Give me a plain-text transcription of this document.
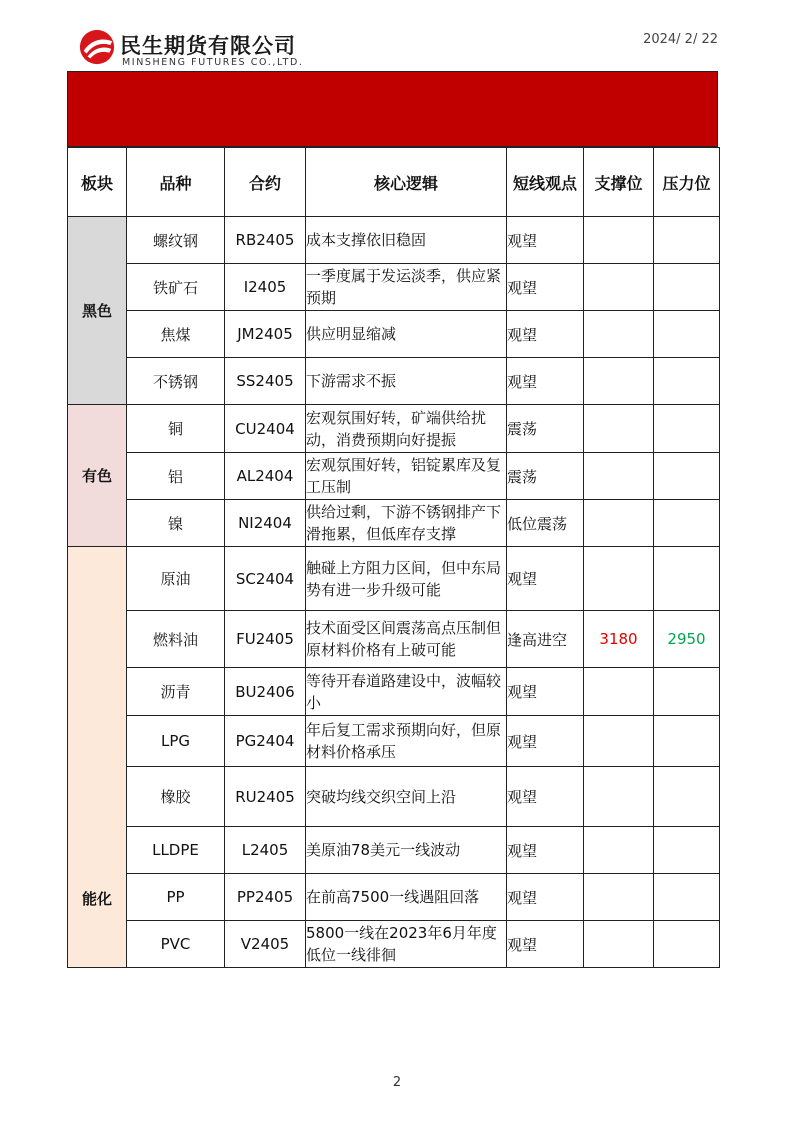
民生期货有限公司
MINSHENG FUTURES CO.,LTD.
2024/ 2/ 22
板块	品种	合约	核心逻辑	短线观点	支撑位	压力位
黑色	螺纹钢	RB2405	成本支撑依旧稳固	观望		
	铁矿石	I2405	一季度属于发运淡季，供应紧预期	观望		
	焦煤	JM2405	供应明显缩减	观望		
	不锈钢	SS2405	下游需求不振	观望		
有色	铜	CU2404	宏观氛围好转，矿端供给扰动，消费预期向好提振	震荡		
	铝	AL2404	宏观氛围好转，铝锭累库及复工压制	震荡		
	镍	NI2404	供给过剩，下游不锈钢排产下滑拖累，但低库存支撑	低位震荡		
能化	原油	SC2404	触碰上方阻力区间，但中东局势有进一步升级可能	观望		
	燃料油	FU2405	技术面受区间震荡高点压制但原材料价格有上破可能	逢高进空	3180	2950
	沥青	BU2406	等待开春道路建设中，波幅较小	观望		
	LPG	PG2404	年后复工需求预期向好，但原材料价格承压	观望		
	橡胶	RU2405	突破均线交织空间上沿	观望		
	LLDPE	L2405	美原油78美元一线波动	观望		
	PP	PP2405	在前高7500一线遇阻回落	观望		
	PVC	V2405	5800一线在2023年6月年度低位一线徘徊	观望		
2
